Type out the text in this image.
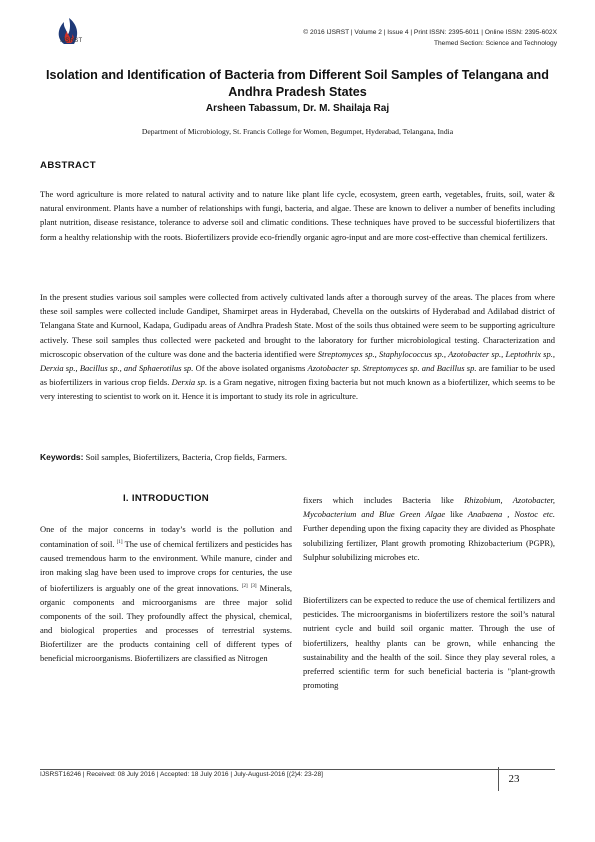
IJSRST
© 2016 IJSRST | Volume 2 | Issue 4 | Print ISSN: 2395-6011 | Online ISSN: 2395-602X
Themed Section: Science and Technology
Isolation and Identification of Bacteria from Different Soil Samples of Telangana and Andhra Pradesh States
Arsheen Tabassum, Dr. M. Shailaja Raj
Department of Microbiology, St. Francis College for Women, Begumpet, Hyderabad, Telangana, India
ABSTRACT
The word agriculture is more related to natural activity and to nature like plant life cycle, ecosystem, green earth, vegetables, fruits, soil, water & natural environment. Plants have a number of relationships with fungi, bacteria, and algae. These are known to deliver a number of benefits including plant nutrition, disease resistance, tolerance to adverse soil and climatic conditions. These techniques have proved to be successful biofertilizers that form a healthy relationship with the roots. Biofertilizers provide eco-friendly organic agro-input and are more cost-effective than chemical fertilizers.
In the present studies various soil samples were collected from actively cultivated lands after a thorough survey of the areas. The places from where these soil samples were collected include Gandipet, Shamirpet areas in Hyderabad, Chevella on the outskirts of Hyderabad and Adilabad district of Telangana State and Kurnool, Kadapa, Gudipadu areas of Andhra Pradesh State. Most of the soils thus obtained were seem to be supporting agriculture actively. These soil samples thus collected were packeted and brought to the laboratory for further microbiological testing. Characterization and microscopic observation of the culture was done and the bacteria identified were Streptomyces sp., Staphylococcus sp., Azotobacter sp., Leptothrix sp., Derxia sp., Bacillus sp., and Sphaerotilus sp. Of the above isolated organisms Azotobacter sp. Streptomyces sp. and Bacillus sp. are familiar to be used as biofertilizers in various crop fields. Derxia sp. is a Gram negative, nitrogen fixing bacteria but not much known as a biofertilizer, which seems to be very interesting to scientist to work on it. Hence it is important to study its role in agriculture.
Keywords: Soil samples, Biofertilizers, Bacteria, Crop fields, Farmers.
I. INTRODUCTION
One of the major concerns in today’s world is the pollution and contamination of soil. [1] The use of chemical fertilizers and pesticides has caused tremendous harm to the environment. While manure, cinder and iron making slag have been used to improve crops for centuries, the use of biofertilizers is arguably one of the great innovations. [2] [3] Minerals, organic components and microorganisms are three major solid components of the soil. They profoundly affect the physical, chemical, and biological properties and processes of terrestrial systems. Biofertilizer are the products containing cell of different types of beneficial microorganisms. Biofertilizers are classified as Nitrogen
fixers which includes Bacteria like Rhizobium, Azotobacter, Mycobacterium and Blue Green Algae like Anabaena , Nostoc etc. Further depending upon the fixing capacity they are divided as Phosphate solubilizing fertilizer, Plant growth promoting Rhizobacterium (PGPR), Sulphur solubilizing microbes etc.
Biofertilizers can be expected to reduce the use of chemical fertilizers and pesticides. The microorganisms in biofertilizers restore the soil’s natural nutrient cycle and build soil organic matter. Through the use of biofertilizers, healthy plants can be grown, while enhancing the sustainability and the health of the soil. Since they play several roles, a preferred scientific term for such beneficial bacteria is "plant-growth promoting
IJSRST16246 | Received: 08 July 2016 | Accepted: 18 July 2016 | July-August-2016 [(2)4: 23-28]	23
